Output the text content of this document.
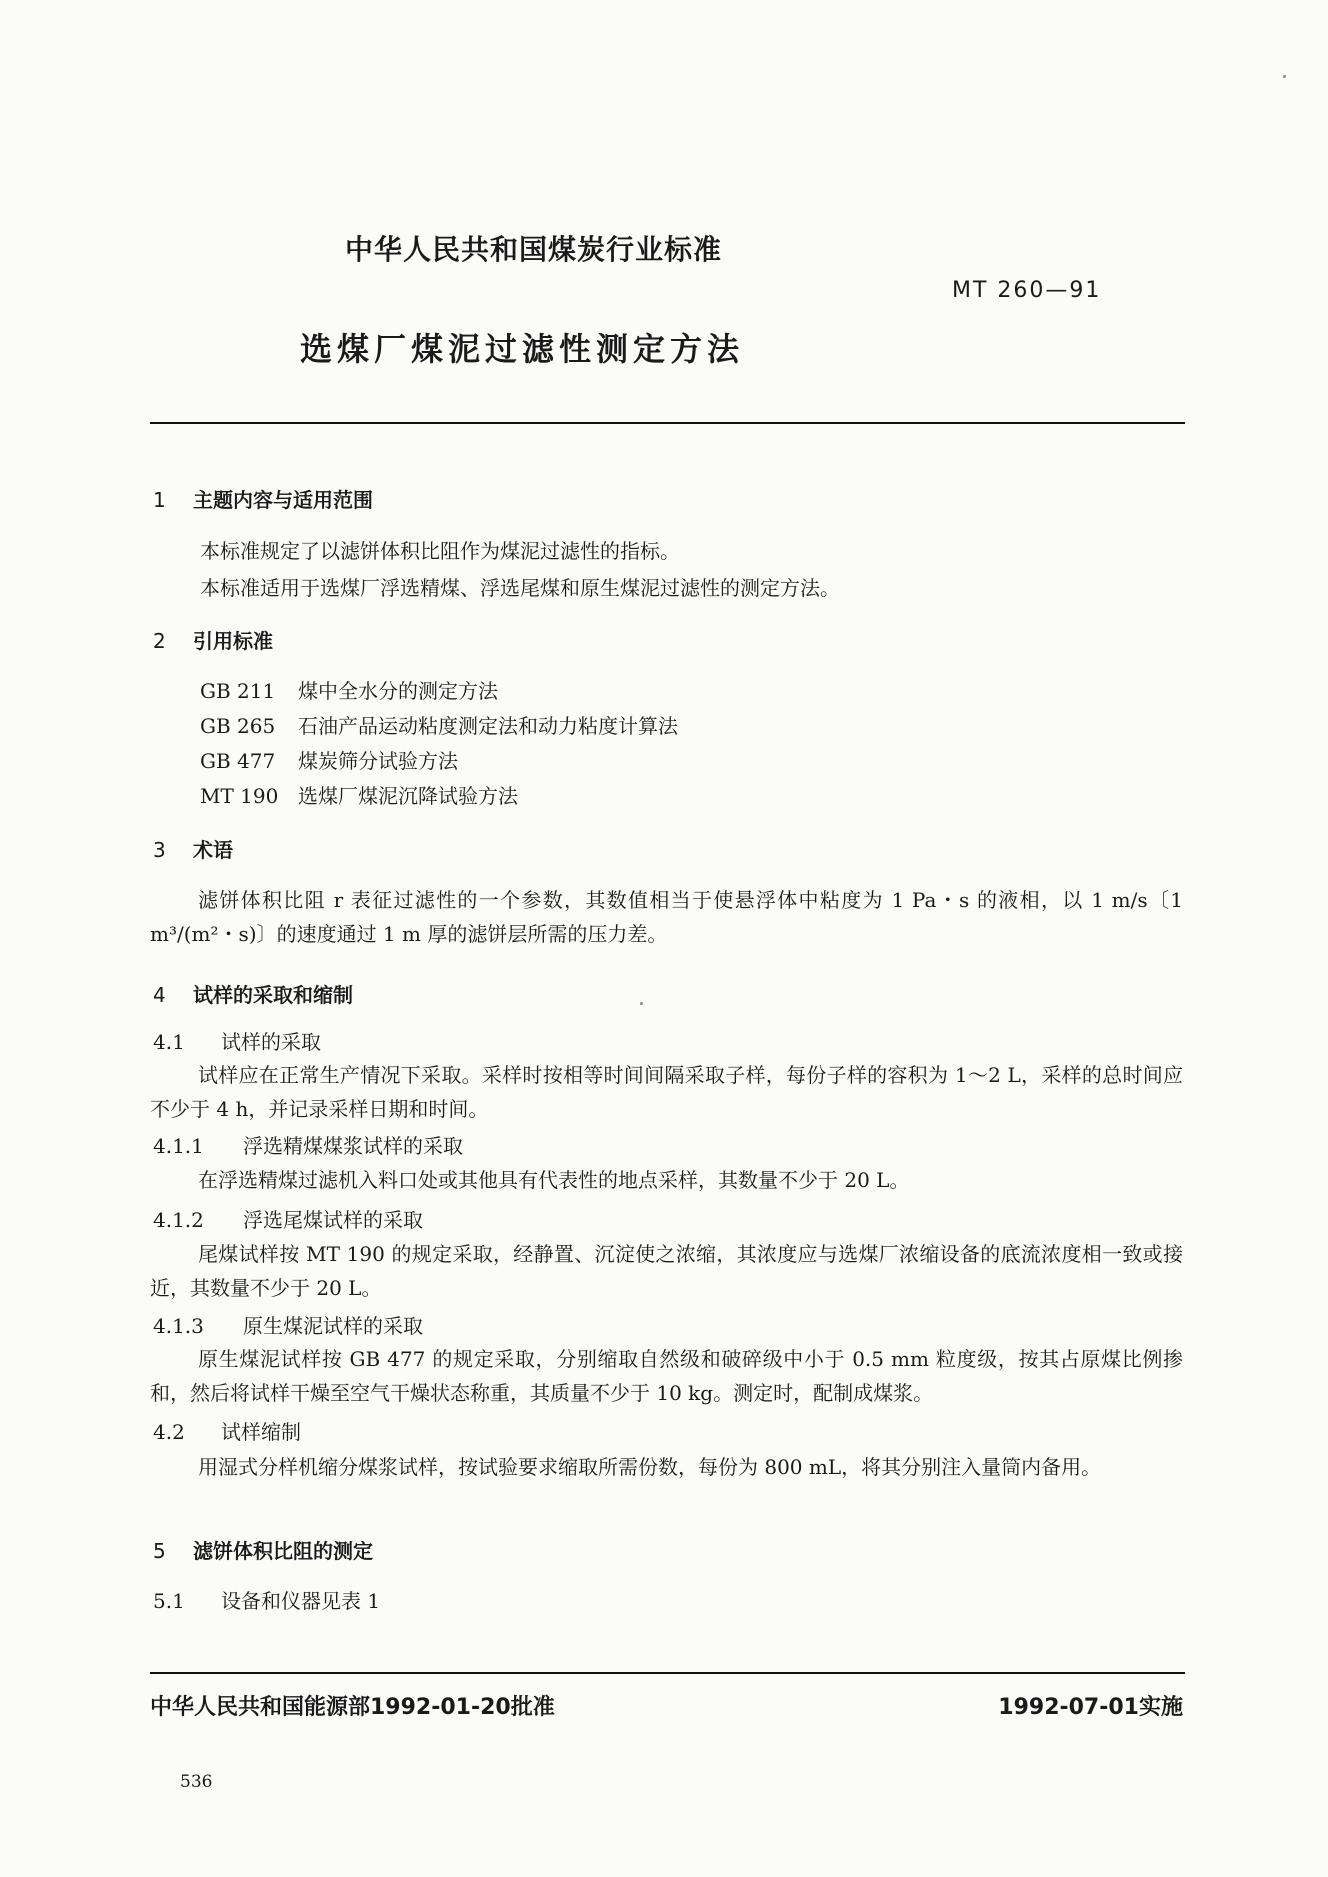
中华人民共和国煤炭行业标准
MT 260—91
选煤厂煤泥过滤性测定方法
1 主题内容与适用范围
本标准规定了以滤饼体积比阻作为煤泥过滤性的指标。
本标准适用于选煤厂浮选精煤、浮选尾煤和原生煤泥过滤性的测定方法。
2 引用标准
GB 211 煤中全水分的测定方法
GB 265 石油产品运动粘度测定法和动力粘度计算法
GB 477 煤炭筛分试验方法
MT 190 选煤厂煤泥沉降试验方法
3 术语
滤饼体积比阻 r 表征过滤性的一个参数，其数值相当于使悬浮体中粘度为 1 Pa・s 的液相，以 1 m/s〔1 m³/(m²・s)〕的速度通过 1 m 厚的滤饼层所需的压力差。
4 试样的采取和缩制
4.1 试样的采取
试样应在正常生产情况下采取。采样时按相等时间间隔采取子样，每份子样的容积为 1～2 L，采样的总时间应不少于 4 h，并记录采样日期和时间。
4.1.1 浮选精煤煤浆试样的采取
在浮选精煤过滤机入料口处或其他具有代表性的地点采样，其数量不少于 20 L。
4.1.2 浮选尾煤试样的采取
尾煤试样按 MT 190 的规定采取，经静置、沉淀使之浓缩，其浓度应与选煤厂浓缩设备的底流浓度相一致或接近，其数量不少于 20 L。
4.1.3 原生煤泥试样的采取
原生煤泥试样按 GB 477 的规定采取，分别缩取自然级和破碎级中小于 0.5 mm 粒度级，按其占原煤比例掺和，然后将试样干燥至空气干燥状态称重，其质量不少于 10 kg。测定时，配制成煤浆。
4.2 试样缩制
用湿式分样机缩分煤浆试样，按试验要求缩取所需份数，每份为 800 mL，将其分别注入量筒内备用。
5 滤饼体积比阻的测定
5.1 设备和仪器见表 1
中华人民共和国能源部1992-01-20批准	1992-07-01实施
536
